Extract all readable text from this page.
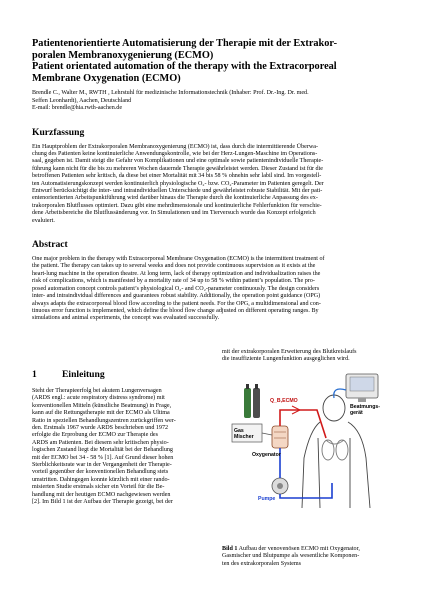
Patientenorientierte Automatisierung der Therapie mit der Extrakor-
poralen Membranoxygenierung (ECMO)
Patient orientated automation of the therapy with the Extracorporeal
Membrane Oxygenation (ECMO)
Brendle C., Walter M., RWTH , Lehrstuhl für medizinische Informationstechnik (Inhaber: Prof. Dr.-Ing. Dr. med.
Seffen Leonhardt), Aachen, Deutschland
E-mail: brendle@hia.rwth-aachen.de
Kurzfassung
Ein Hauptproblem der Extrakorporalen Membranoxygenierung (ECMO) ist, dass durch die intermittierende Überwa-
chung des Patienten keine kontinuierliche Anwendungskontrolle, wie bei der Herz-Lungen-Maschine im Operations-
saal, gegeben ist. Damit steigt die Gefahr von Komplikationen und eine optimale sowie patientenindividuelle Therapie-
führung kann nicht für die bis zu mehreren Wochen dauernde Therapie gewährleistet werden. Dieser Zustand ist für die
betroffenen Patienten sehr kritisch, da diese bei einer Mortalität mit 34 bis 58 % ohnehin sehr labil sind. Im vorgestell-
ten Automatisierungskonzept werden kontinuierlich physiologische O₂- bzw. CO₂-Parameter im Patienten geregelt. Der
Entwurf berücksichtigt die inter- und intraindividuellen Unterschiede und gewährleistet robuste Stabilität. Mit der pati-
entenorientierten Arbeitspunktführung wird darüber hinaus die Therapie durch die kontinuierliche Anpassung des ex-
trakorporalen Blutflusses optimiert. Dazu gibt eine mehrdimensionale und kontinuierliche Fehlerfunktion für verschie-
dene Arbeitsbereiche die Blutflussänderung vor. In Simulationen und im Tierversuch wurde das Konzept erfolgreich
evaluiert.
Abstract
One major problem in the therapy with Extracorporeal Membrane Oxygenation (ECMO) is the intermittent treatment of
the patient. The therapy can takes up to several weeks and does not provide continuous supervision as it exists at the
heart-lung machine in the operation theatre. At long term, lack of therapy optimization and individualization raises the
risk of complications, which is manifested by a mortality rate of 34 up to 58 % within patient’s population. The pro-
posed automation concept controls patient’s physiological O₂- and CO₂-parameter continuously. The design considers
inter- and intraindividual differences and guarantees robust stability. Additionally, the operation point guidance (OPG)
always adapts the extracorporeal blood flow according to the patient needs. For the OPG, a multidimensional and con-
tinuous error function is implemented, which define the blood flow change adjusted on different operating ranges. By
simulations and animal experiments, the concept was evaluated successfully.
1	Einleitung
Steht der Therapieerfolg bei akutem Lungenversagen
(ARDS engl.: acute respiratory distress syndrome) mit
konventionellen Mitteln (künstliche Beatmung) in Frage,
kann auf die Rettungstherapie mit der ECMO als Ultima
Ratio in speziellen Behandlungszentren zurückgriffen wer-
den. Erstmals 1967 wurde ARDS beschrieben und 1972
erfolgte die Erprobung der ECMO zur Therapie des
ARDS am Patienten. Bei diesem sehr kritischen physio-
logischen Zustand liegt die Mortalität bei der Behandlung
mit der ECMO bei 34 - 58 % [1]. Auf Grund dieser hohen
Sterblichkeitsrate war in der Vergangenheit der Therapie-
vorteil gegenüber der konventionellen Behandlung stets
umstritten. Dahingegen konnte kürzlich mit einer rando-
misierten Studie erstmals sicher ein Vorteil für die Be-
handlung mit der heutigen ECMO nachgewiesen werden
[2]. Im Bild 1 ist der Aufbau der Therapie gezeigt, bei der
mit der extrakorporalen Erweiterung des Blutkreislaufs
die insuffiziente Lungenfunktion ausgeglichen wird.
Q_B,ECMO
Gas
Mischer
Oxygenator
Pumpe
Beatmungs-
gerät
Bild 1 Aufbau der venovenösen ECMO mit Oxygenator,
Gasmischer und Blutpumpe als wesentliche Komponen-
ten des extrakorporalen Systems
